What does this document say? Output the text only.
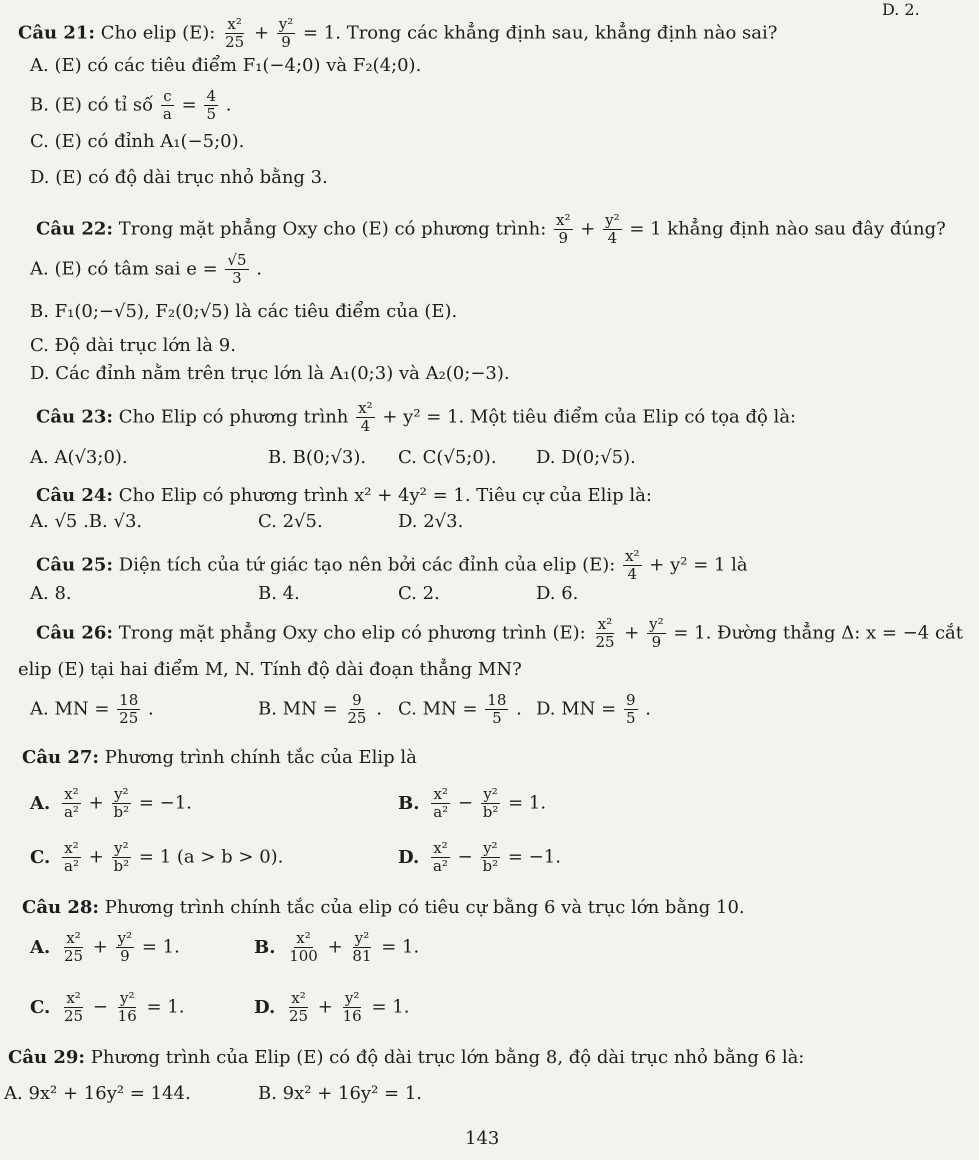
D. 2.
Câu 21: Cho elip (E): $\frac{\text{x²}}{25} + \frac{\text{y²}}{9} = 1$. Trong các khẳng định sau, khẳng định nào sai?
A. (E) có các tiêu điểm F₁(−4;0) và F₂(4;0).
B. (E) có tỉ số $\frac{c}{a} = \frac{4}{5}$ .
C. (E) có đỉnh A₁(−5;0).
D. (E) có độ dài trục nhỏ bằng 3.
Câu 22: Trong mặt phẳng Oxy cho (E) có phương trình: $\frac{\text{x²}}{9} + \frac{\text{y²}}{4} = 1$ khẳng định nào sau đây đúng?
A. (E) có tâm sai $e = \frac{√5}{3}$ .
B. F₁(0;−√5), F₂(0;√5) là các tiêu điểm của (E).
C. Độ dài trục lớn là 9.
D. Các đỉnh nằm trên trục lớn là A₁(0;3) và A₂(0;−3).
Câu 23: Cho Elip có phương trình $\frac{\text{x²}}{4} + y^2 = 1$. Một tiêu điểm của Elip có tọa độ là:
A. A(√3;0).	B. B(0;√3). C. C(√5;0). D. D(0;√5).
Câu 24: Cho Elip có phương trình x² + 4y² = 1. Tiêu cự của Elip là:
A. √5 .B. √3.	C. 2√5.	D. 2√3.
Câu 25: Diện tích của tứ giác tạo nên bởi các đỉnh của elip (E): $\frac{\text{x²}}{4} + y^2 = 1$ là
A. 8.	B. 4.	C. 2.	D. 6.
Câu 26: Trong mặt phẳng Oxy cho elip có phương trình (E): $\frac{\text{x²}}{25} + \frac{\text{y²}}{9} = 1$. Đường thẳng Δ: x = −4 cắt
elip (E) tại hai điểm M, N. Tính độ dài đoạn thẳng MN?
A. MN = $\frac{18}{25}$ .	B. MN = $\frac{9}{25}$ . C. MN = $\frac{18}{5}$ . D. MN = $\frac{9}{5}$ .
Câu 27: Phương trình chính tắc của Elip là
A. $\frac{\text{x²}}{\text{a²}} + \frac{\text{y²}}{\text{b²}} = -1$.	B. $\frac{\text{x²}}{\text{a²}} - \frac{\text{y²}}{\text{b²}} = 1$.
C. $\frac{\text{x²}}{\text{a²}} + \frac{\text{y²}}{\text{b²}} = 1$ (a > b > 0).	D. $\frac{\text{x²}}{\text{a²}} - \frac{\text{y²}}{\text{b²}} = -1$.
Câu 28: Phương trình chính tắc của elip có tiêu cự bằng 6 và trục lớn bằng 10.
A. $\frac{\text{x²}}{25} + \frac{\text{y²}}{9} = 1$.	B. $\frac{\text{x²}}{100} + \frac{\text{y²}}{81} = 1$.
C. $\frac{\text{x²}}{25} - \frac{\text{y²}}{16} = 1$.	D. $\frac{\text{x²}}{25} + \frac{\text{y²}}{16} = 1$.
Câu 29: Phương trình của Elip (E) có độ dài trục lớn bằng 8, độ dài trục nhỏ bằng 6 là:
A. 9x² + 16y² = 144.	B. 9x² + 16y² = 1.
143
